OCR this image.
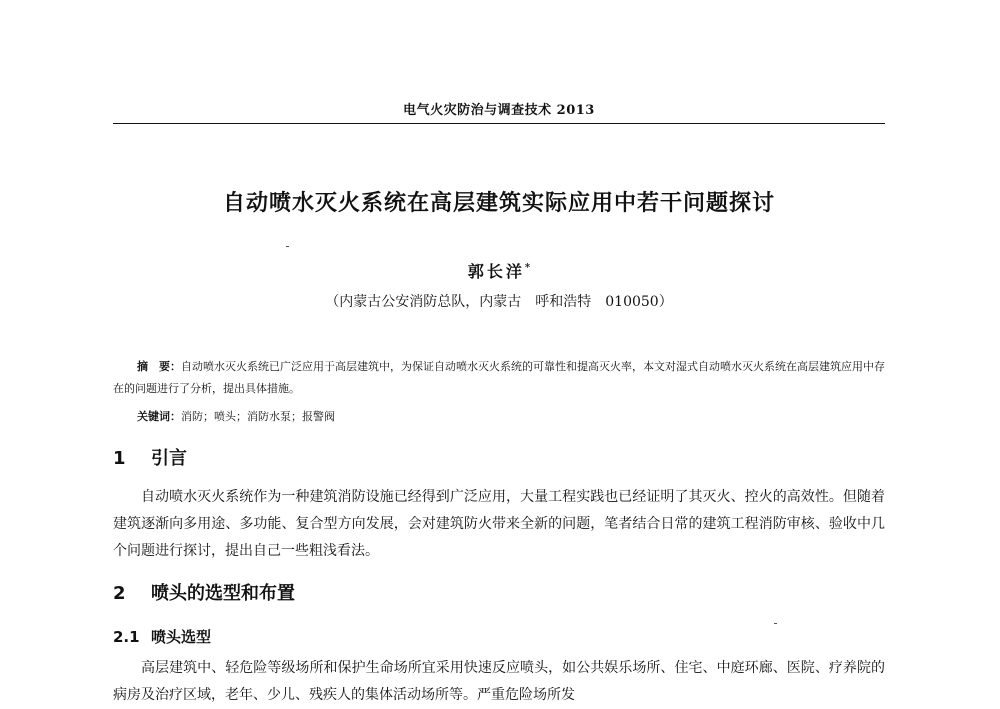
电气火灾防治与调查技术 2013
自动喷水灭火系统在高层建筑实际应用中若干问题探讨
郭长洋*
（内蒙古公安消防总队，内蒙古　呼和浩特　010050）
摘　要：自动喷水灭火系统已广泛应用于高层建筑中，为保证自动喷水灭火系统的可靠性和提高灭火率，本文对湿式自动喷水灭火系统在高层建筑应用中存在的问题进行了分析，提出具体措施。
关键词：消防；喷头；消防水泵；报警阀
1 引言
自动喷水灭火系统作为一种建筑消防设施已经得到广泛应用，大量工程实践也已经证明了其灭火、控火的高效性。但随着建筑逐渐向多用途、多功能、复合型方向发展，会对建筑防火带来全新的问题，笔者结合日常的建筑工程消防审核、验收中几个问题进行探讨，提出自己一些粗浅看法。
2 喷头的选型和布置
2.1 喷头选型
高层建筑中、轻危险等级场所和保护生命场所宜采用快速反应喷头，如公共娱乐场所、住宅、中庭环廊、医院、疗养院的病房及治疗区域，老年、少儿、残疾人的集体活动场所等。严重危险场所发
